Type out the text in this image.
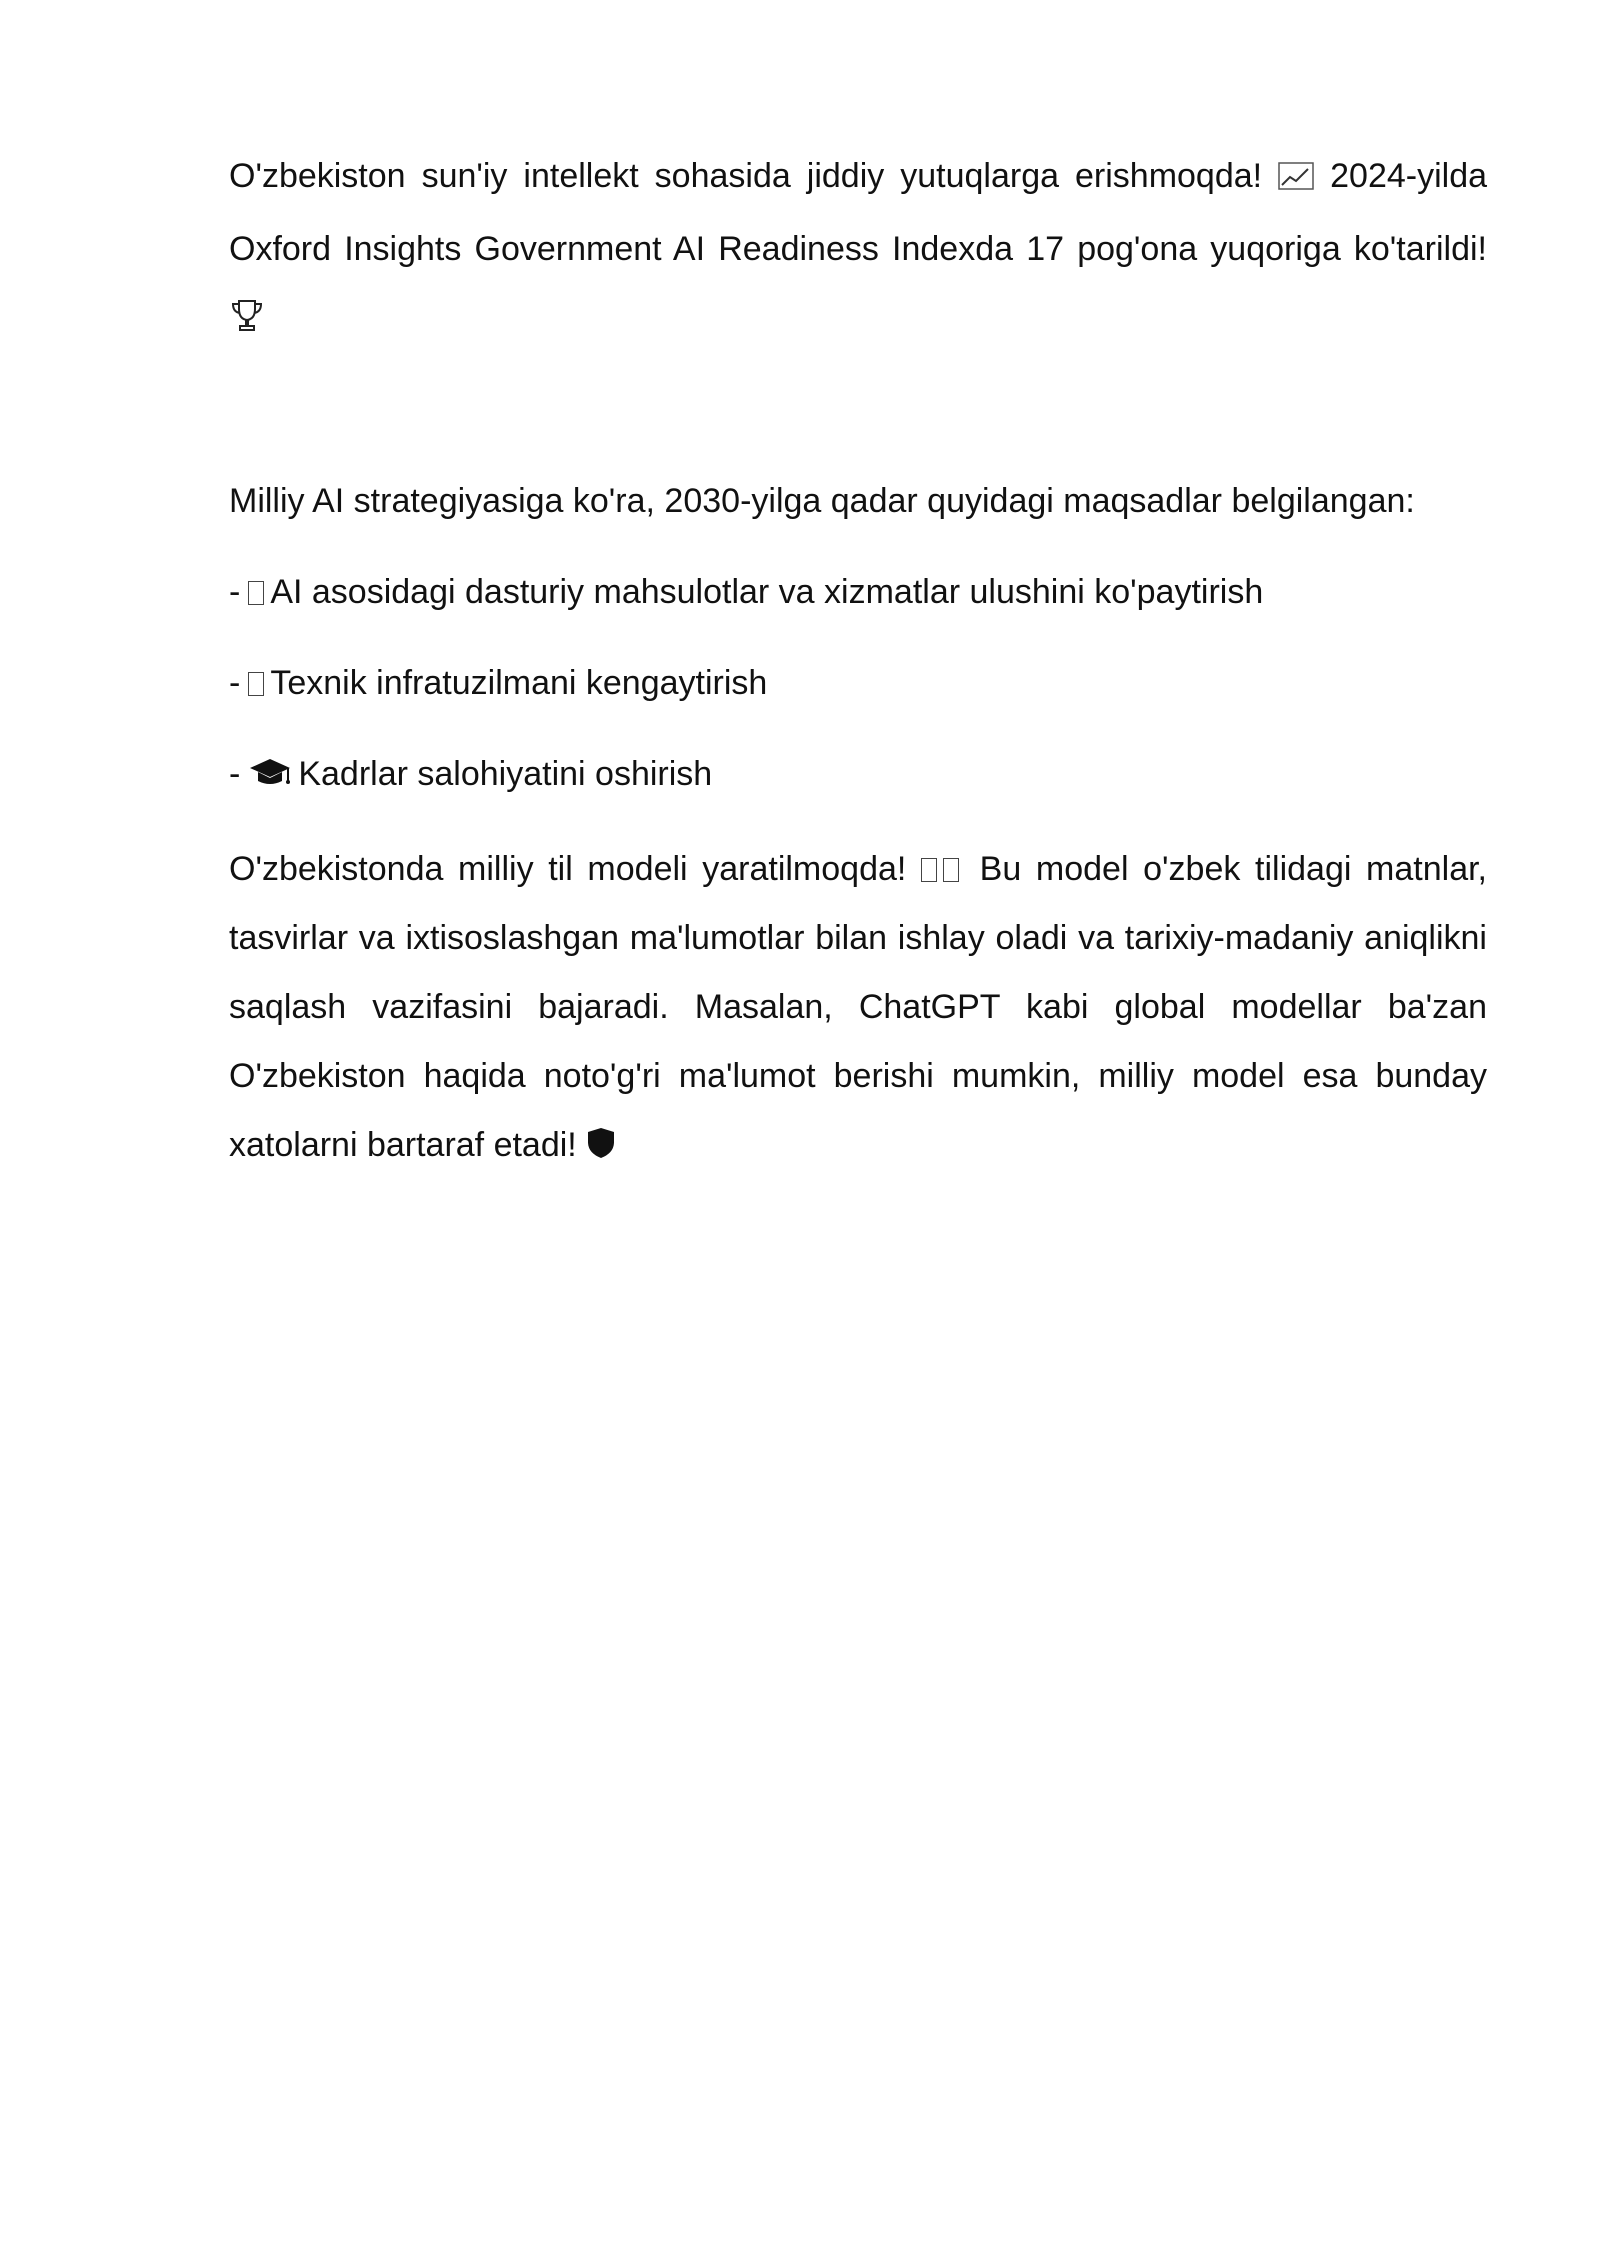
O'zbekiston sun'iy intellekt sohasida jiddiy yutuqlarga erishmoqda! 2024-yilda Oxford Insights Government AI Readiness Indexda 17 pog'ona yuqoriga ko'tarildi!

Milliy AI strategiyasiga ko'ra, 2030-yilga qadar quyidagi maqsadlar belgilangan:

- AI asosidagi dasturiy mahsulotlar va xizmatlar ulushini ko'paytirish

- Texnik infratuzilmani kengaytirish

- Kadrlar salohiyatini oshirish

O'zbekistonda milliy til modeli yaratilmoqda! Bu model o'zbek tilidagi matnlar, tasvirlar va ixtisoslashgan ma'lumotlar bilan ishlay oladi va tarixiy-madaniy aniqlikni saqlash vazifasini bajaradi. Masalan, ChatGPT kabi global modellar ba'zan O'zbekiston haqida noto'g'ri ma'lumot berishi mumkin, milliy model esa bunday xatolarni bartaraf etadi!
